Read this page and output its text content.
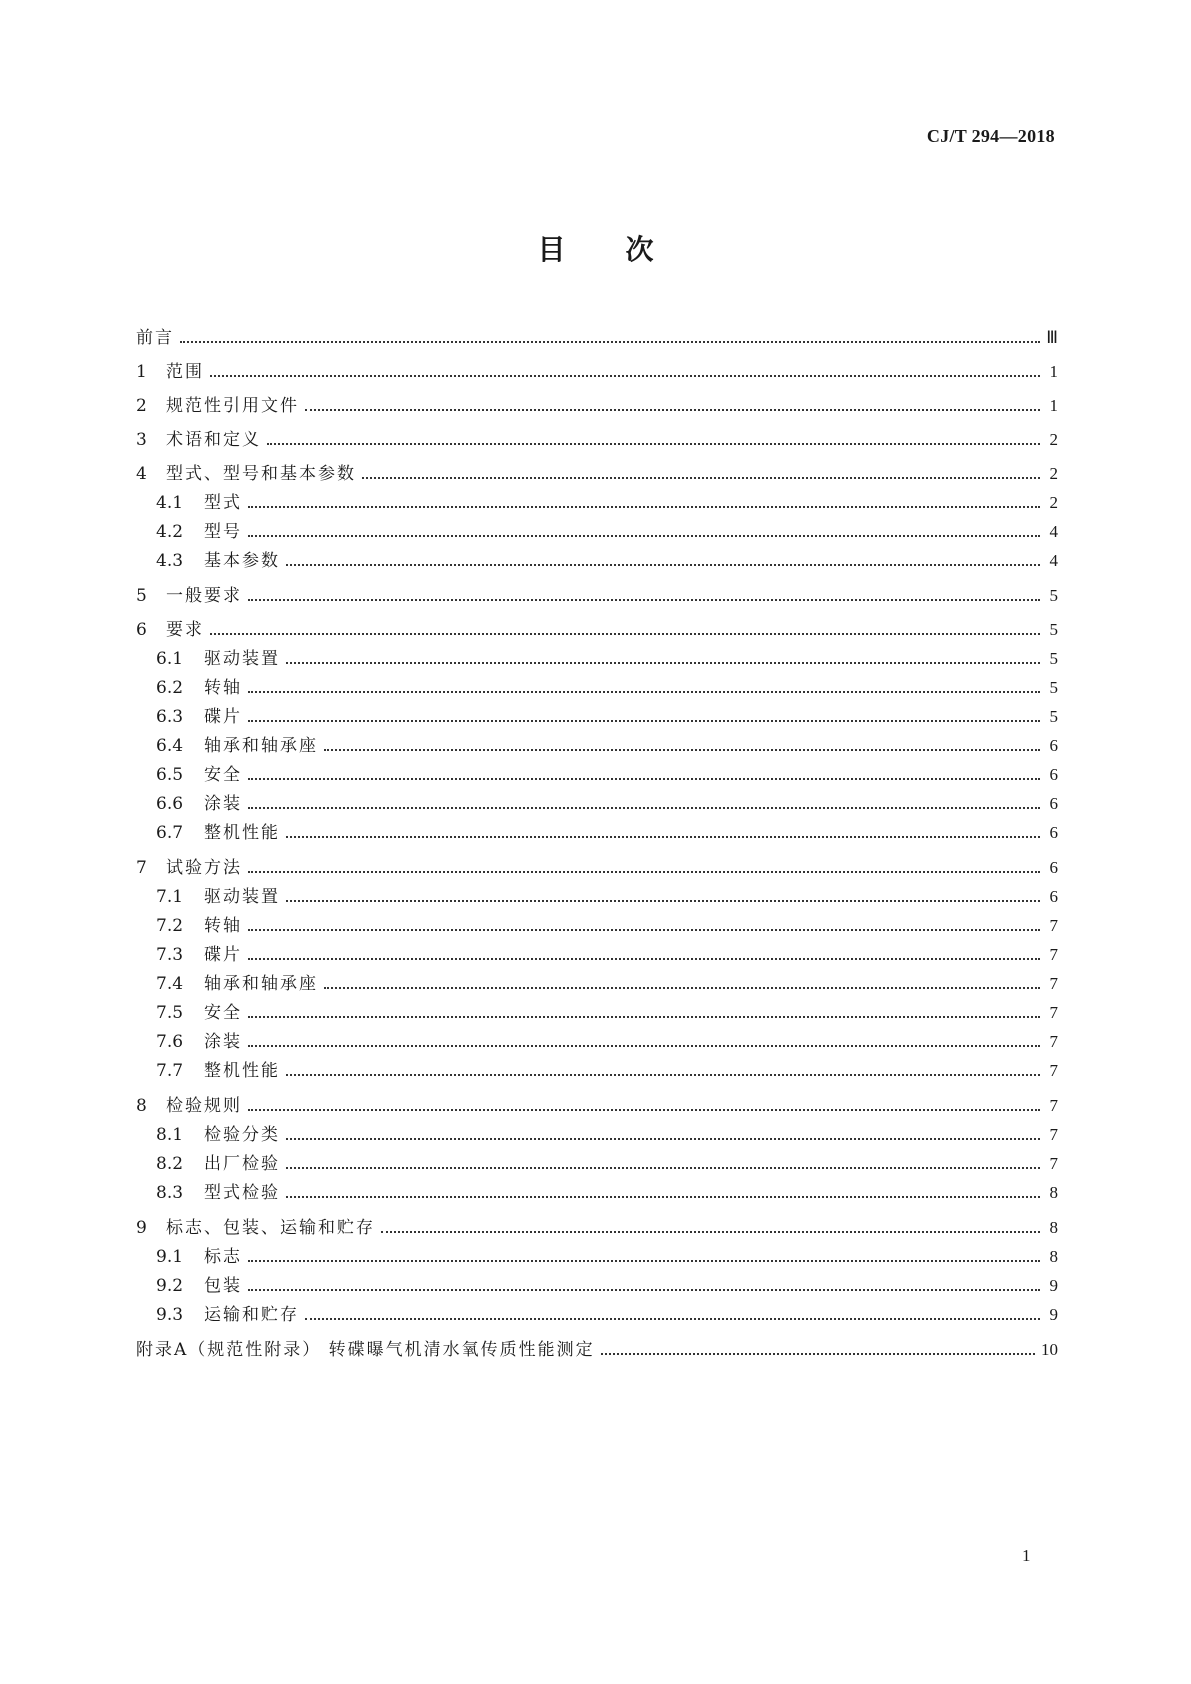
CJ/T 294—2018
目次
前言	Ⅲ
1	范围	1
2	规范性引用文件	1
3	术语和定义	2
4	型式、型号和基本参数	2
4.1	型式	2
4.2	型号	4
4.3	基本参数	4
5	一般要求	5
6	要求	5
6.1	驱动装置	5
6.2	转轴	5
6.3	碟片	5
6.4	轴承和轴承座	6
6.5	安全	6
6.6	涂装	6
6.7	整机性能	6
7	试验方法	6
7.1	驱动装置	6
7.2	转轴	7
7.3	碟片	7
7.4	轴承和轴承座	7
7.5	安全	7
7.6	涂装	7
7.7	整机性能	7
8	检验规则	7
8.1	检验分类	7
8.2	出厂检验	7
8.3	型式检验	8
9	标志、包装、运输和贮存	8
9.1	标志	8
9.2	包装	9
9.3	运输和贮存	9
附录A（规范性附录） 转碟曝气机清水氧传质性能测定	10
1
